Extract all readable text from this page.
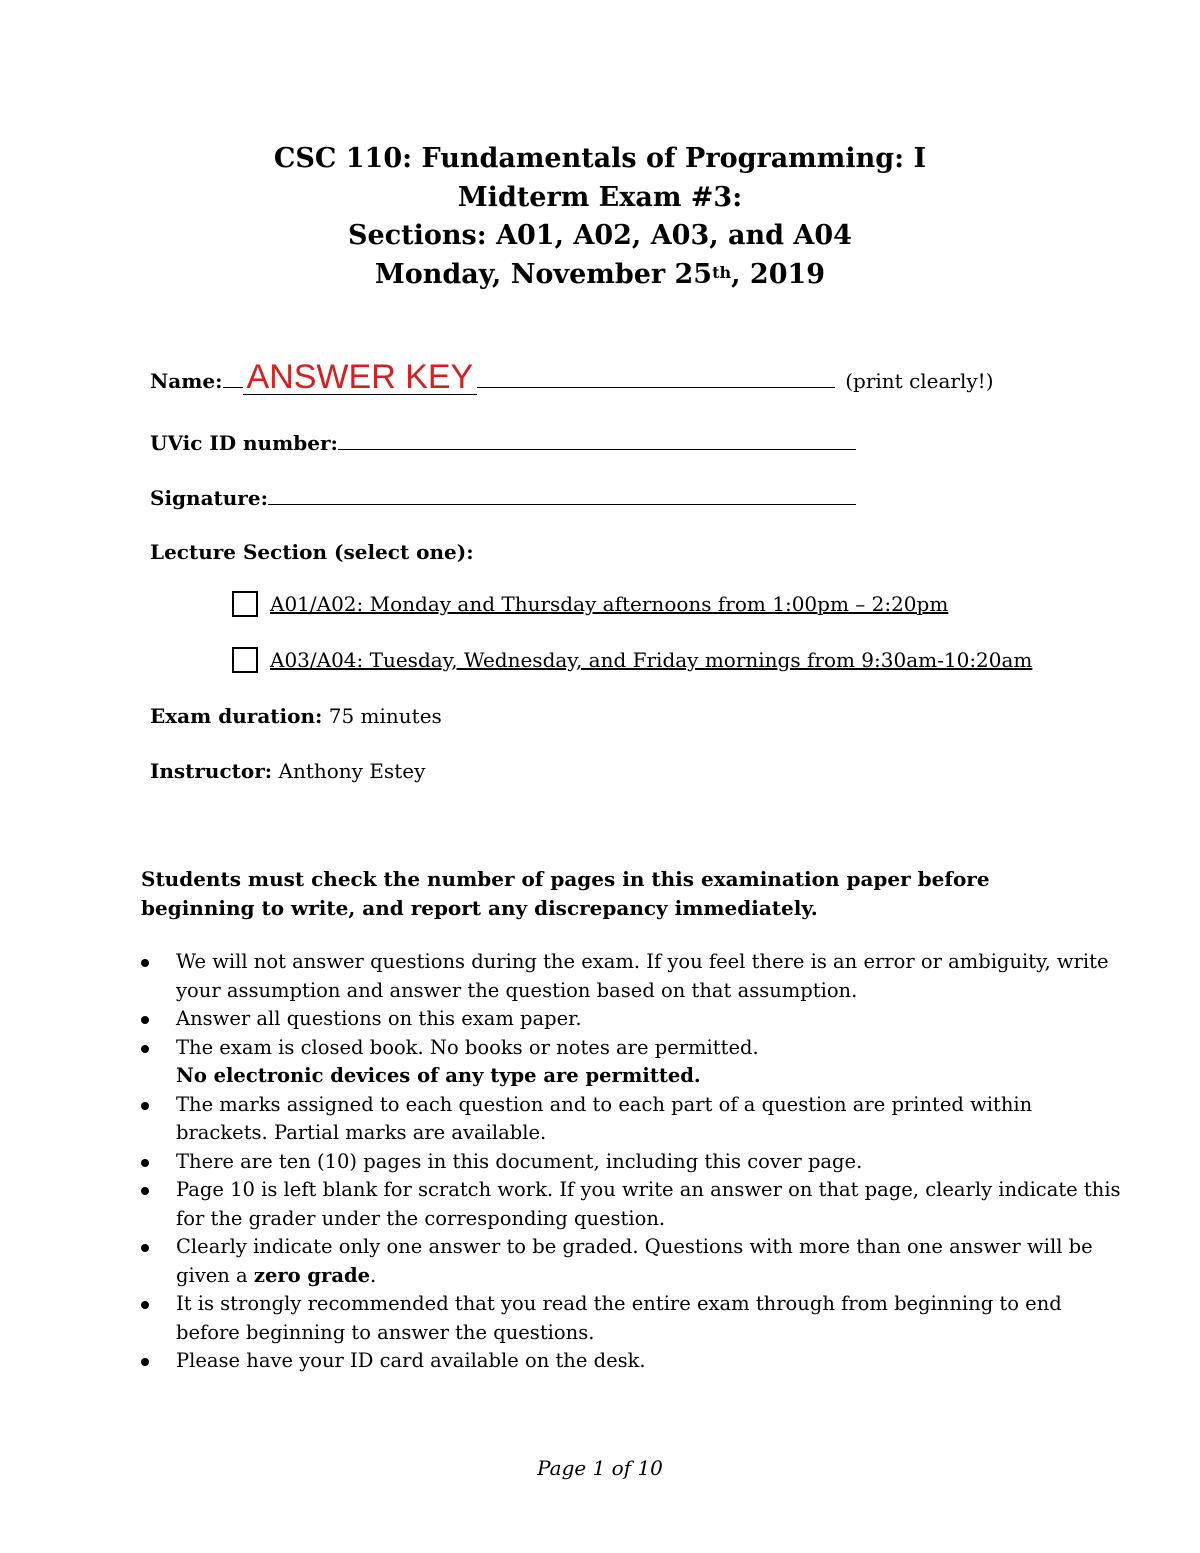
CSC 110: Fundamentals of Programming: I
Midterm Exam #3:
Sections: A01, A02, A03, and A04
Monday, November 25th, 2019
Name: ANSWER KEY	(print clearly!)
UVic ID number:
Signature:
Lecture Section (select one):
A01/A02: Monday and Thursday afternoons from 1:00pm – 2:20pm
A03/A04: Tuesday, Wednesday, and Friday mornings from 9:30am-10:20am
Exam duration: 75 minutes
Instructor: Anthony Estey
Students must check the number of pages in this examination paper before beginning to write, and report any discrepancy immediately.
We will not answer questions during the exam. If you feel there is an error or ambiguity, write your assumption and answer the question based on that assumption.
Answer all questions on this exam paper.
The exam is closed book. No books or notes are permitted.
No electronic devices of any type are permitted.
The marks assigned to each question and to each part of a question are printed within brackets. Partial marks are available.
There are ten (10) pages in this document, including this cover page.
Page 10 is left blank for scratch work. If you write an answer on that page, clearly indicate this for the grader under the corresponding question.
Clearly indicate only one answer to be graded. Questions with more than one answer will be given a zero grade.
It is strongly recommended that you read the entire exam through from beginning to end before beginning to answer the questions.
Please have your ID card available on the desk.
Page 1 of 10
